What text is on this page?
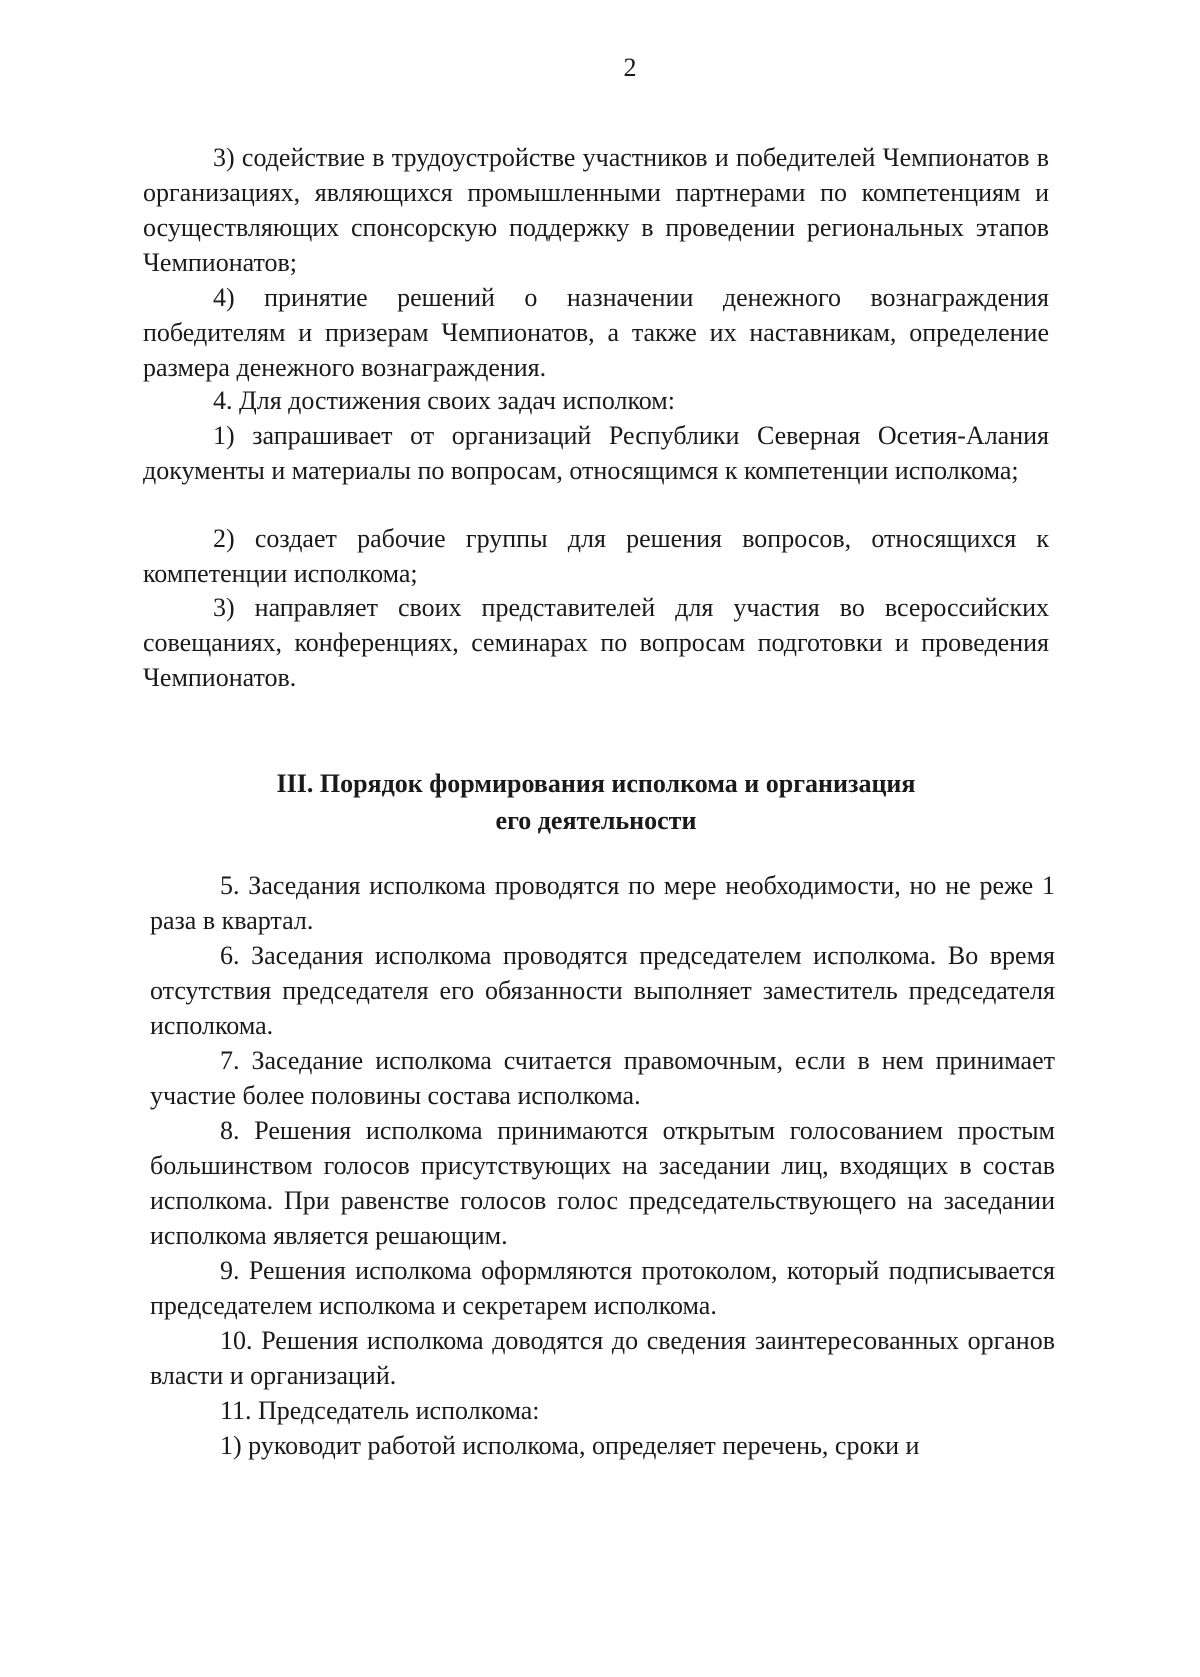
2

3) содействие в трудоустройстве участников и победителей Чемпионатов в организациях, являющихся промышленными партнерами по компетенциям и осуществляющих спонсорскую поддержку в проведении региональных этапов Чемпионатов;

4) принятие решений о назначении денежного вознаграждения победителям и призерам Чемпионатов, а также их наставникам, определение размера денежного вознаграждения.

4. Для достижения своих задач исполком:

1) запрашивает от организаций Республики Северная Осетия-Алания документы и материалы по вопросам, относящимся к компетенции исполкома;

2) создает рабочие группы для решения вопросов, относящихся к компетенции исполкома;

3) направляет своих представителей для участия во всероссийских совещаниях, конференциях, семинарах по вопросам подготовки и проведения Чемпионатов.

III. Порядок формирования исполкома и организация
его деятельности

5. Заседания исполкома проводятся по мере необходимости, но не реже 1 раза в квартал.

6. Заседания исполкома проводятся председателем исполкома. Во время отсутствия председателя его обязанности выполняет заместитель председателя исполкома.

7. Заседание исполкома считается правомочным, если в нем принимает участие более половины состава исполкома.

8. Решения исполкома принимаются открытым голосованием простым большинством голосов присутствующих на заседании лиц, входящих в состав исполкома. При равенстве голосов голос председательствующего на заседании исполкома является решающим.

9. Решения исполкома оформляются протоколом, который подписывается председателем исполкома и секретарем исполкома.

10. Решения исполкома доводятся до сведения заинтересованных органов власти и организаций.

11. Председатель исполкома:

1) руководит работой исполкома, определяет перечень, сроки и
